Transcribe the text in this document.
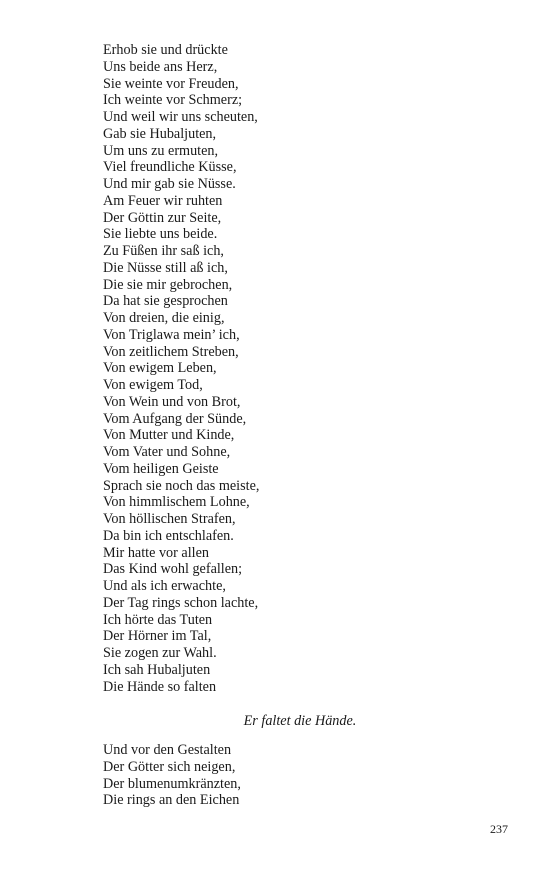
Erhob sie und drückte
Uns beide ans Herz,
Sie weinte vor Freuden,
Ich weinte vor Schmerz;
Und weil wir uns scheuten,
Gab sie Hubaljuten,
Um uns zu ermuten,
Viel freundliche Küsse,
Und mir gab sie Nüsse.
Am Feuer wir ruhten
Der Göttin zur Seite,
Sie liebte uns beide.
Zu Füßen ihr saß ich,
Die Nüsse still aß ich,
Die sie mir gebrochen,
Da hat sie gesprochen
Von dreien, die einig,
Von Triglawa mein’ ich,
Von zeitlichem Streben,
Von ewigem Leben,
Von ewigem Tod,
Von Wein und von Brot,
Vom Aufgang der Sünde,
Von Mutter und Kinde,
Vom Vater und Sohne,
Vom heiligen Geiste
Sprach sie noch das meiste,
Von himmlischem Lohne,
Von höllischen Strafen,
Da bin ich entschlafen.
Mir hatte vor allen
Das Kind wohl gefallen;
Und als ich erwachte,
Der Tag rings schon lachte,
Ich hörte das Tuten
Der Hörner im Tal,
Sie zogen zur Wahl.
Ich sah Hubaljuten
Die Hände so falten
Er faltet die Hände.
Und vor den Gestalten
Der Götter sich neigen,
Der blumenumkränzten,
Die rings an den Eichen
237
